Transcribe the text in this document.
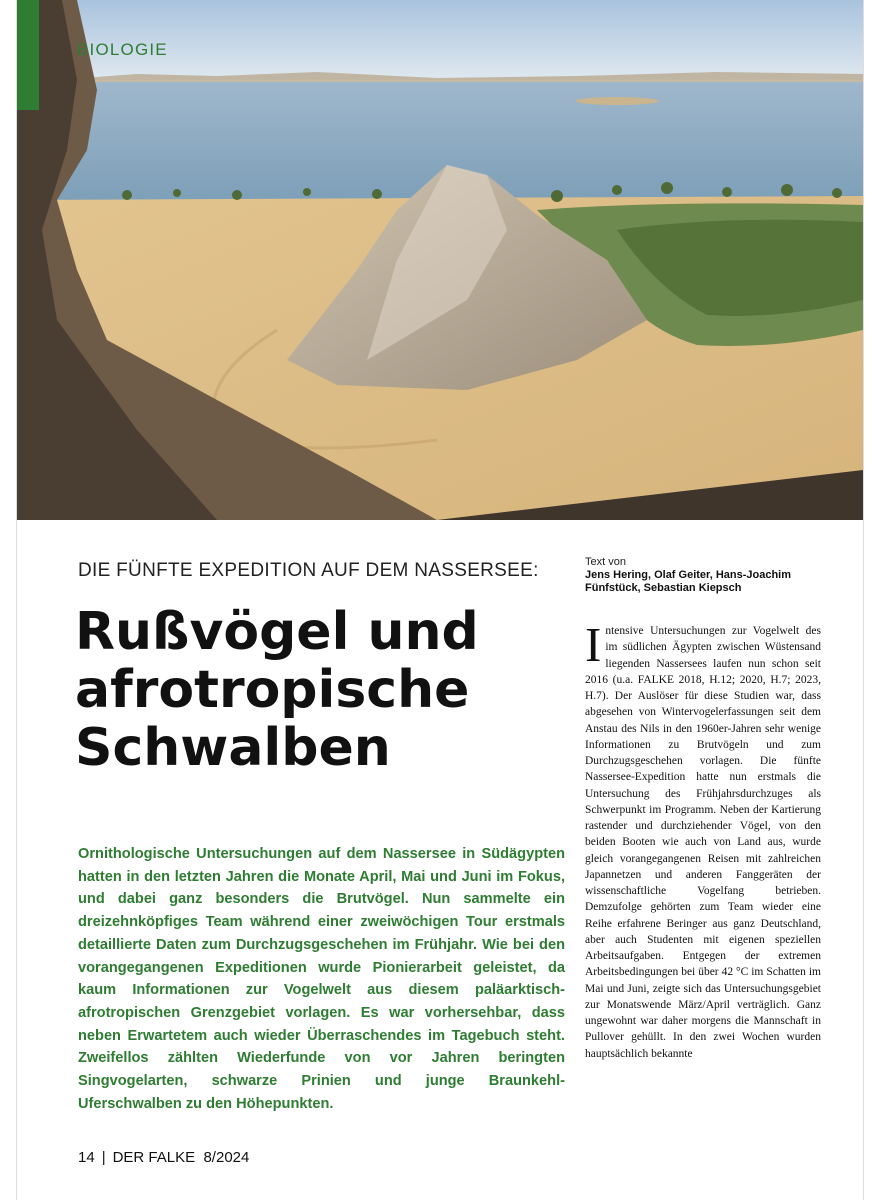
BIOLOGIE
DIE FÜNFTE EXPEDITION AUF DEM NASSERSEE:
Rußvögel und
afrotropische
Schwalben

Ornithologische Untersuchungen auf dem Nassersee in Südägypten hatten in den letzten Jahren die Monate April, Mai und Juni im Fokus, und dabei ganz besonders die Brutvögel. Nun sammelte ein dreizehnköpfiges Team während einer zweiwöchigen Tour erstmals detaillierte Daten zum Durchzugsgeschehen im Frühjahr. Wie bei den vorangegangenen Expeditionen wurde Pionierarbeit geleistet, da kaum Informationen zur Vogelwelt aus diesem paläarktisch-afrotropischen Grenzgebiet vorlagen. Es war vorhersehbar, dass neben Erwartetem auch wieder Überraschendes im Tagebuch steht. Zweifellos zählten Wiederfunde von vor Jahren beringten Singvogelarten, schwarze Prinien und junge Braunkehl-Uferschwalben zu den Höhepunkten.

Text von
Jens Hering, Olaf Geiter, Hans-Joachim Fünfstück, Sebastian Kiepsch

Intensive Untersuchungen zur Vogelwelt des im südlichen Ägypten zwischen Wüstensand liegenden Nassersees laufen nun schon seit 2016 (u.a. FALKE 2018, H.12; 2020, H.7; 2023, H.7). Der Auslöser für diese Studien war, dass abgesehen von Wintervogelerfassungen seit dem Anstau des Nils in den 1960er-Jahren sehr wenige Informationen zu Brutvögeln und zum Durchzugsgeschehen vorlagen. Die fünfte Nassersee-Expedition hatte nun erstmals die Untersuchung des Frühjahrsdurchzuges als Schwerpunkt im Programm. Neben der Kartierung rastender und durchziehender Vögel, von den beiden Booten wie auch von Land aus, wurde gleich vorangegangenen Reisen mit zahlreichen Japannetzen und anderen Fanggeräten der wissenschaftliche Vogelfang betrieben. Demzufolge gehörten zum Team wieder eine Reihe erfahrene Beringer aus ganz Deutschland, aber auch Studenten mit eigenen speziellen Arbeitsaufgaben. Entgegen der extremen Arbeitsbedingungen bei über 42 °C im Schatten im Mai und Juni, zeigte sich das Untersuchungsgebiet zur Monatswende März/April verträglich. Ganz ungewohnt war daher morgens die Mannschaft in Pullover gehüllt. In den zwei Wochen wurden hauptsächlich bekannte

14 | DER FALKE 8/2024
